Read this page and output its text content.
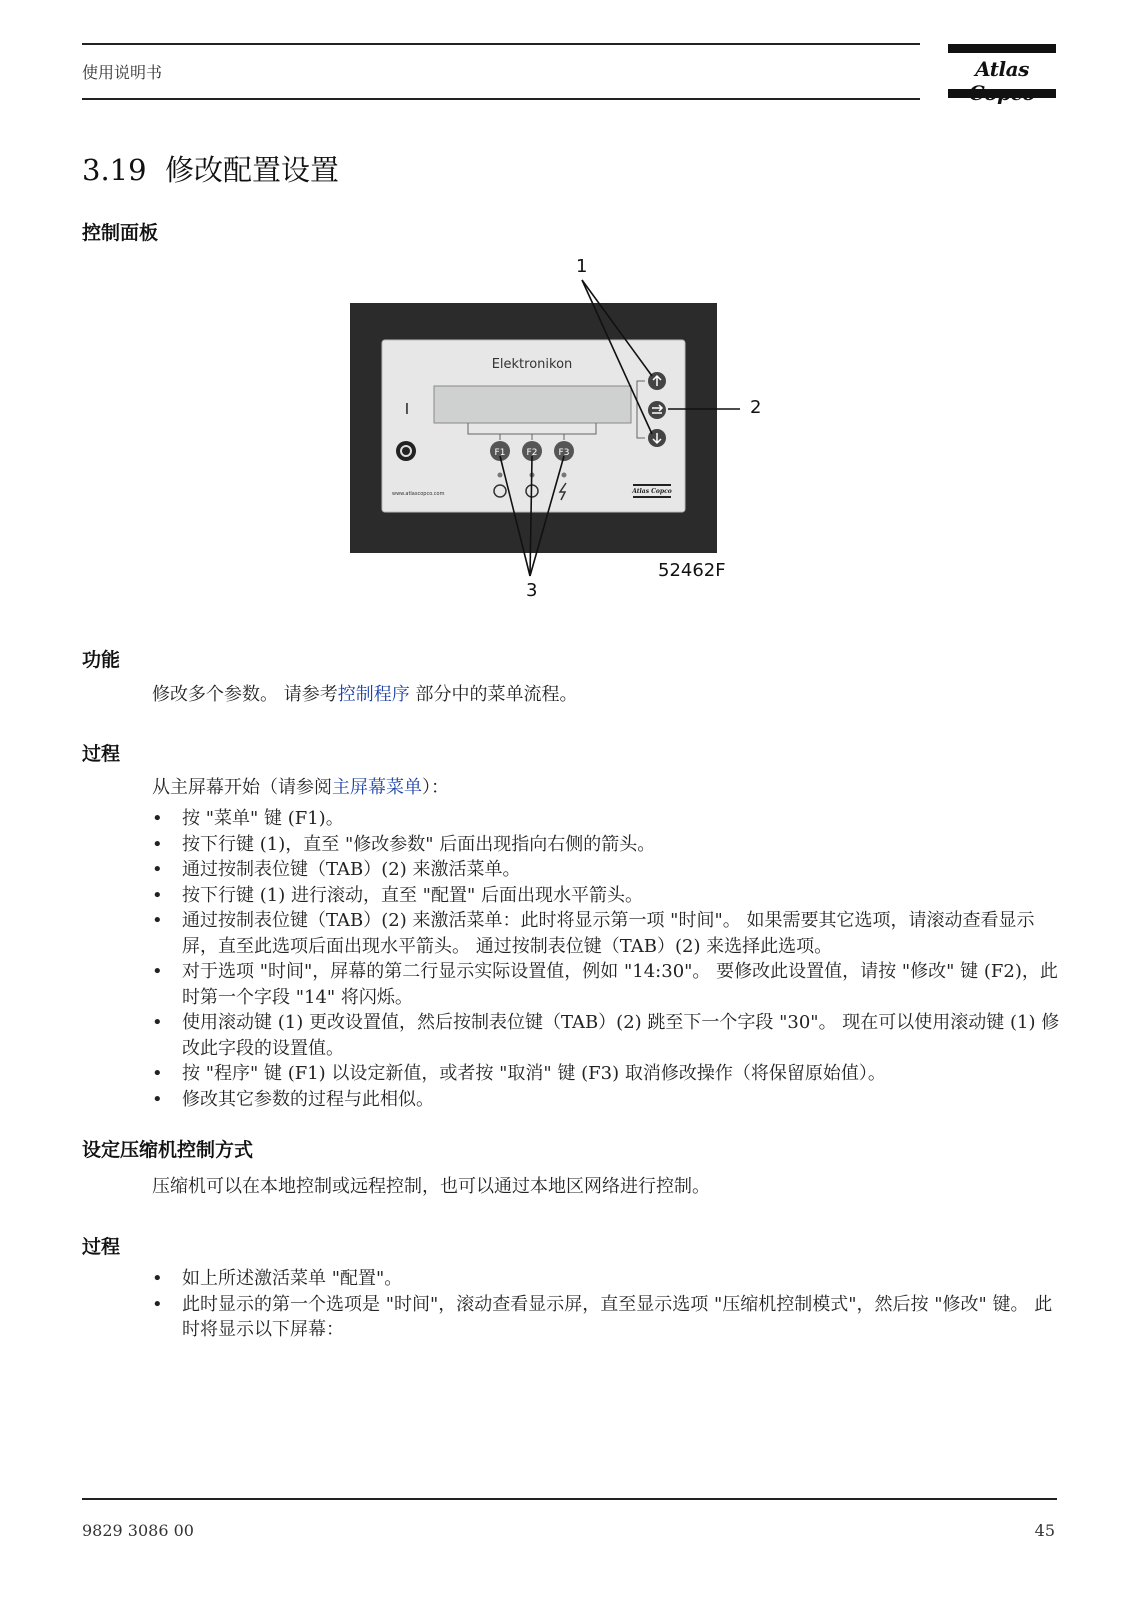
使用说明书	Atlas
3.19 修改配置设置
控制面板
Elektronikon
I
F1 F2 F3
www.atlascopco.com	Atlas Copco
1
2
3
52462F
功能
修改多个参数。 请参考控制程序 部分中的菜单流程。
过程
从主屏幕开始（请参阅主屏幕菜单）：
• 按 "菜单" 键 (F1)。
• 按下行键 (1)，直至 "修改参数" 后面出现指向右侧的箭头。
• 通过按制表位键（TAB）(2) 来激活菜单。
• 按下行键 (1) 进行滚动，直至 "配置" 后面出现水平箭头。
• 通过按制表位键（TAB）(2) 来激活菜单：此时将显示第一项 "时间"。 如果需要其它选项，请滚动查看显示屏，直至此选项后面出现水平箭头。 通过按制表位键（TAB）(2) 来选择此选项。
• 对于选项 "时间"，屏幕的第二行显示实际设置值，例如 "14:30"。 要修改此设置值，请按 "修改" 键 (F2)，此时第一个字段 "14" 将闪烁。
• 使用滚动键 (1) 更改设置值，然后按制表位键（TAB）(2) 跳至下一个字段 "30"。 现在可以使用滚动键 (1) 修改此字段的设置值。
• 按 "程序" 键 (F1) 以设定新值，或者按 "取消" 键 (F3) 取消修改操作（将保留原始值）。
• 修改其它参数的过程与此相似。
设定压缩机控制方式
压缩机可以在本地控制或远程控制，也可以通过本地区网络进行控制。
过程
• 如上所述激活菜单 "配置"。
• 此时显示的第一个选项是 "时间"，滚动查看显示屏，直至显示选项 "压缩机控制模式"，然后按 "修改" 键。 此时将显示以下屏幕：
9829 3086 00	45
